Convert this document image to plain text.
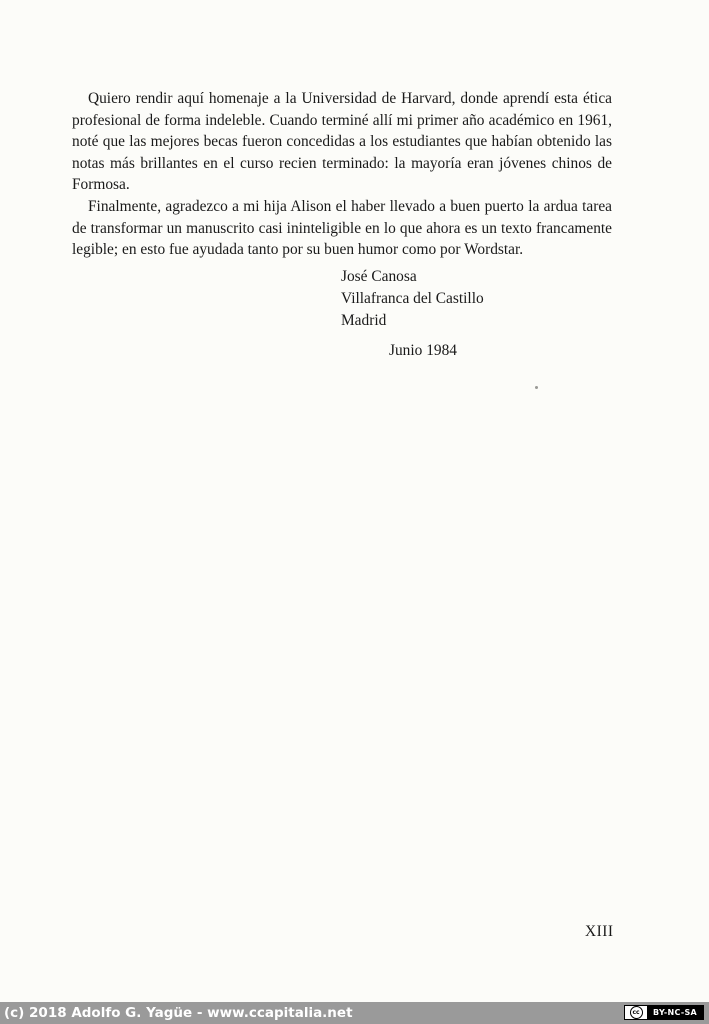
Quiero rendir aquí homenaje a la Universidad de Harvard, donde aprendí esta ética profesional de forma indeleble. Cuando terminé allí mi primer año académico en 1961, noté que las mejores becas fueron concedidas a los estudiantes que habían obtenido las notas más brillantes en el curso recien terminado: la mayoría eran jóvenes chinos de Formosa.

Finalmente, agradezco a mi hija Alison el haber llevado a buen puerto la ardua tarea de transformar un manuscrito casi ininteligible en lo que ahora es un texto francamente legible; en esto fue ayudada tanto por su buen humor como por Wordstar.

José Canosa
Villafranca del Castillo
Madrid
Junio 1984
XIII
(c) 2018 Adolfo G. Yagüe - www.ccapitalia.net	cc	BY-NC-SA
